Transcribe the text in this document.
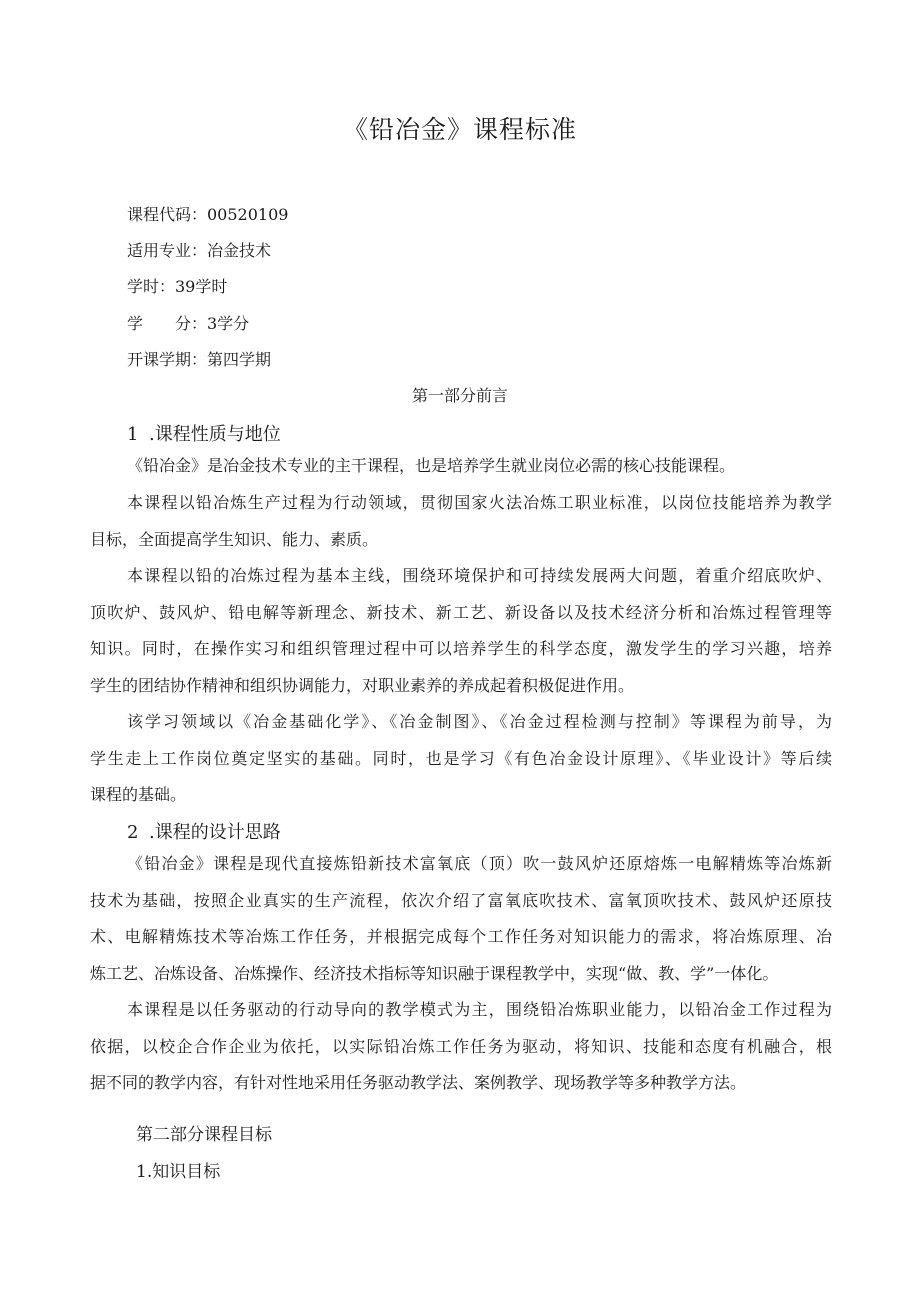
《铅冶金》课程标准
课程代码：00520109
适用专业：冶金技术
学时：39学时
学　　分：3学分
开课学期：第四学期
第一部分前言
1 .课程性质与地位
《铅冶金》是冶金技术专业的主干课程，也是培养学生就业岗位必需的核心技能课程。
本课程以铅冶炼生产过程为行动领域，贯彻国家火法冶炼工职业标准，以岗位技能培养为教学
目标，全面提高学生知识、能力、素质。
本课程以铅的冶炼过程为基本主线，围绕环境保护和可持续发展两大问题，着重介绍底吹炉、
顶吹炉、鼓风炉、铅电解等新理念、新技术、新工艺、新设备以及技术经济分析和冶炼过程管理等
知识。同时，在操作实习和组织管理过程中可以培养学生的科学态度，激发学生的学习兴趣，培养
学生的团结协作精神和组织协调能力，对职业素养的养成起着积极促进作用。
该学习领域以《冶金基础化学》、《冶金制图》、《冶金过程检测与控制》等课程为前导，为
学生走上工作岗位奠定坚实的基础。同时，也是学习《有色冶金设计原理》、《毕业设计》等后续
课程的基础。
2 .课程的设计思路
《铅冶金》课程是现代直接炼铅新技术富氧底（顶）吹一鼓风炉还原熔炼一电解精炼等冶炼新
技术为基础，按照企业真实的生产流程，依次介绍了富氧底吹技术、富氧顶吹技术、鼓风炉还原技
术、电解精炼技术等冶炼工作任务，并根据完成每个工作任务对知识能力的需求，将冶炼原理、冶
炼工艺、冶炼设备、冶炼操作、经济技术指标等知识融于课程教学中，实现“做、教、学”一体化。
本课程是以任务驱动的行动导向的教学模式为主，围绕铅冶炼职业能力，以铅冶金工作过程为
依据，以校企合作企业为依托，以实际铅冶炼工作任务为驱动，将知识、技能和态度有机融合，根
据不同的教学内容，有针对性地采用任务驱动教学法、案例教学、现场教学等多种教学方法。
第二部分课程目标
1.知识目标
